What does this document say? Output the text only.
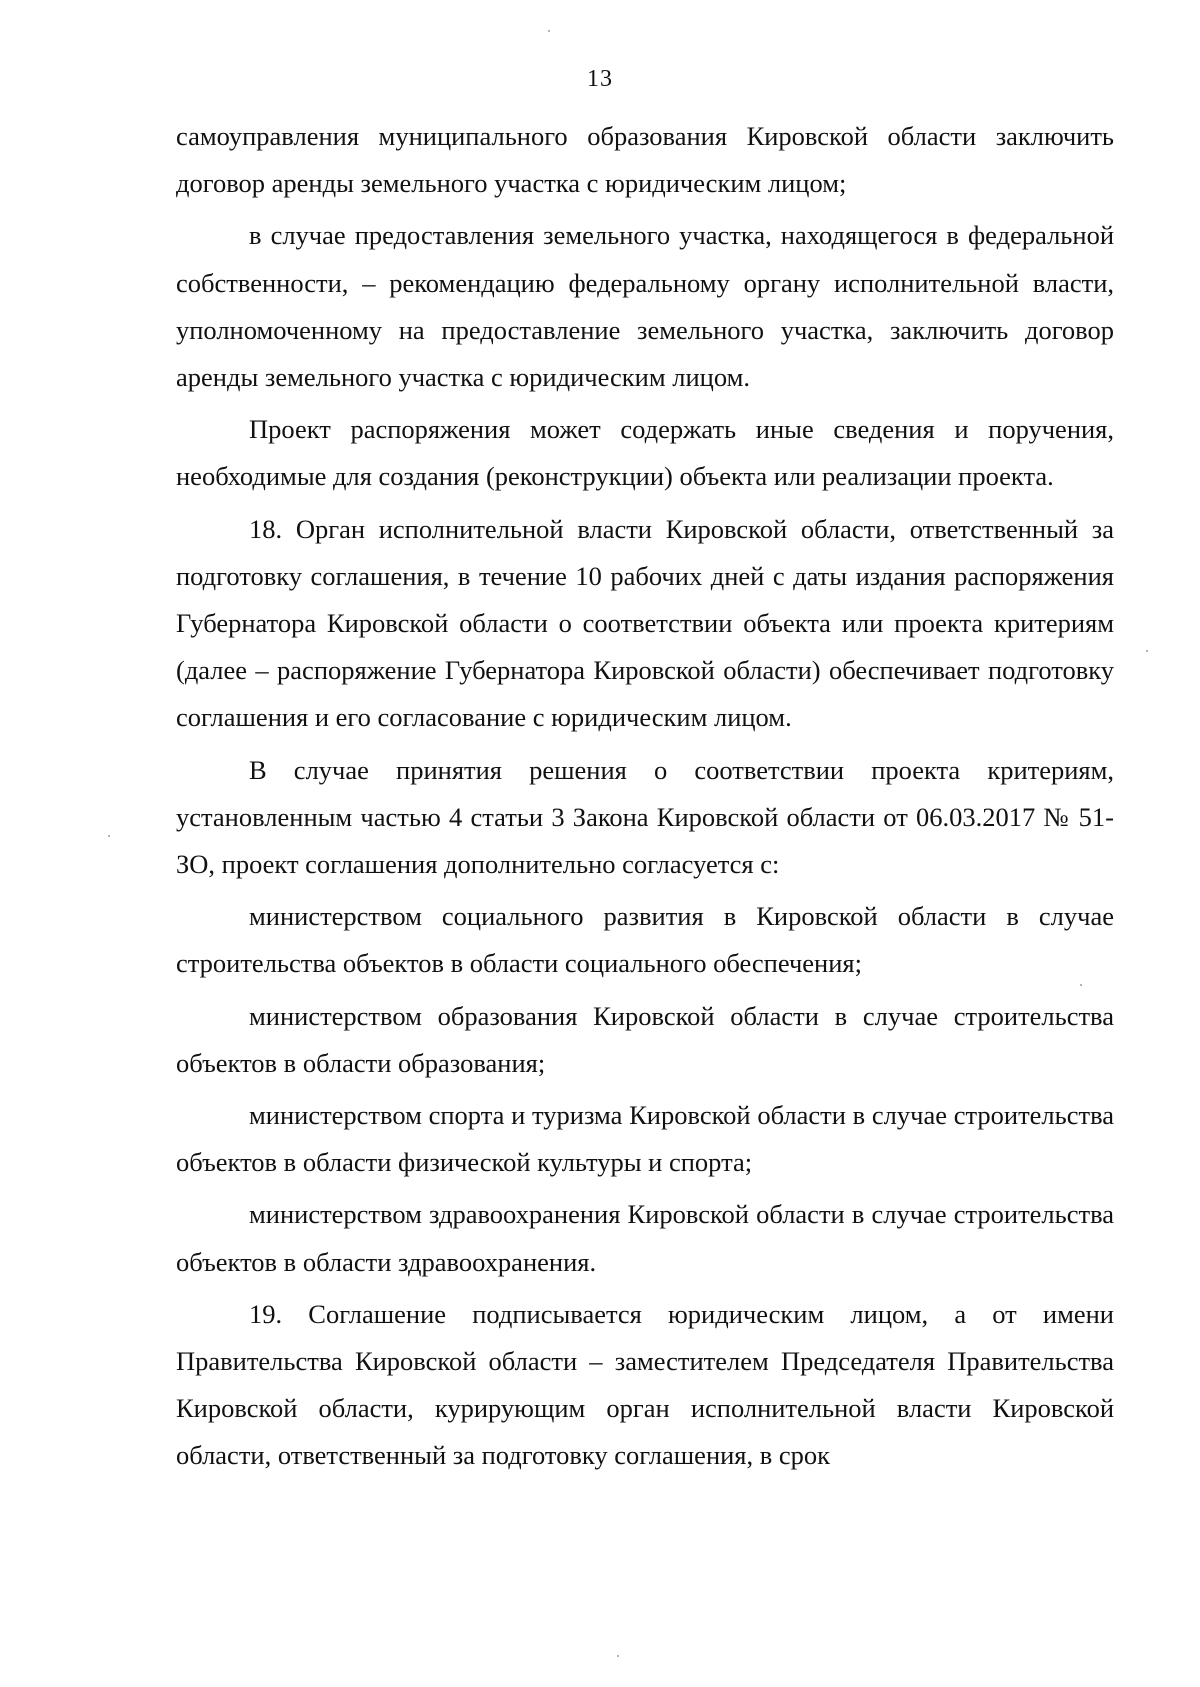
13

самоуправления муниципального образования Кировской области заключить договор аренды земельного участка с юридическим лицом;

в случае предоставления земельного участка, находящегося в федеральной собственности, – рекомендацию федеральному органу исполнительной власти, уполномоченному на предоставление земельного участка, заключить договор аренды земельного участка с юридическим лицом.

Проект распоряжения может содержать иные сведения и поручения, необходимые для создания (реконструкции) объекта или реализации проекта.

18. Орган исполнительной власти Кировской области, ответственный за подготовку соглашения, в течение 10 рабочих дней с даты издания распоряжения Губернатора Кировской области о соответствии объекта или проекта критериям (далее – распоряжение Губернатора Кировской области) обеспечивает подготовку соглашения и его согласование с юридическим лицом.

В случае принятия решения о соответствии проекта критериям, установленным частью 4 статьи 3 Закона Кировской области от 06.03.2017 № 51-ЗО, проект соглашения дополнительно согласуется с:

министерством социального развития в Кировской области в случае строительства объектов в области социального обеспечения;

министерством образования Кировской области в случае строительства объектов в области образования;

министерством спорта и туризма Кировской области в случае строительства объектов в области физической культуры и спорта;

министерством здравоохранения Кировской области в случае строительства объектов в области здравоохранения.

19. Соглашение подписывается юридическим лицом, а от имени Правительства Кировской области – заместителем Председателя Правительства Кировской области, курирующим орган исполнительной власти Кировской области, ответственный за подготовку соглашения, в срок
